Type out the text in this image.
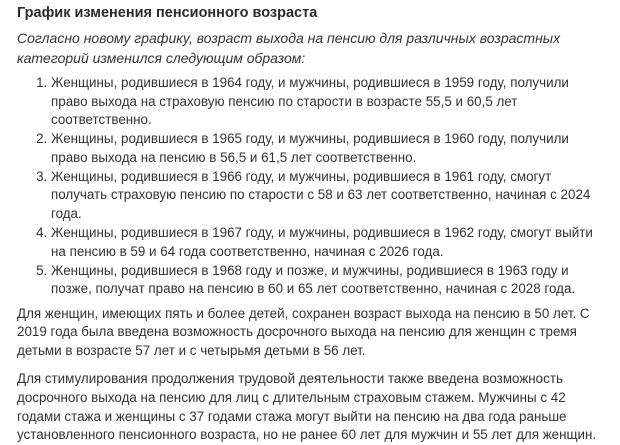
График изменения пенсионного возраста
Согласно новому графику, возраст выхода на пенсию для различных возрастных категорий изменился следующим образом:
1. Женщины, родившиеся в 1964 году, и мужчины, родившиеся в 1959 году, получили право выхода на страховую пенсию по старости в возрасте 55,5 и 60,5 лет соответственно.
2. Женщины, родившиеся в 1965 году, и мужчины, родившиеся в 1960 году, получили право выхода на пенсию в 56,5 и 61,5 лет соответственно.
3. Женщины, родившиеся в 1966 году, и мужчины, родившиеся в 1961 году, смогут получать страховую пенсию по старости с 58 и 63 лет соответственно, начиная с 2024 года.
4. Женщины, родившиеся в 1967 году, и мужчины, родившиеся в 1962 году, смогут выйти на пенсию в 59 и 64 года соответственно, начиная с 2026 года.
5. Женщины, родившиеся в 1968 году и позже, и мужчины, родившиеся в 1963 году и позже, получат право на пенсию в 60 и 65 лет соответственно, начиная с 2028 года.

Для женщин, имеющих пять и более детей, сохранен возраст выхода на пенсию в 50 лет. С 2019 года была введена возможность досрочного выхода на пенсию для женщин с тремя детьми в возрасте 57 лет и с четырьмя детьми в 56 лет.

Для стимулирования продолжения трудовой деятельности также введена возможность досрочного выхода на пенсию для лиц с длительным страховым стажем. Мужчины с 42 годами стажа и женщины с 37 годами стажа могут выйти на пенсию на два года раньше установленного пенсионного возраста, но не ранее 60 лет для мужчин и 55 лет для женщин.
